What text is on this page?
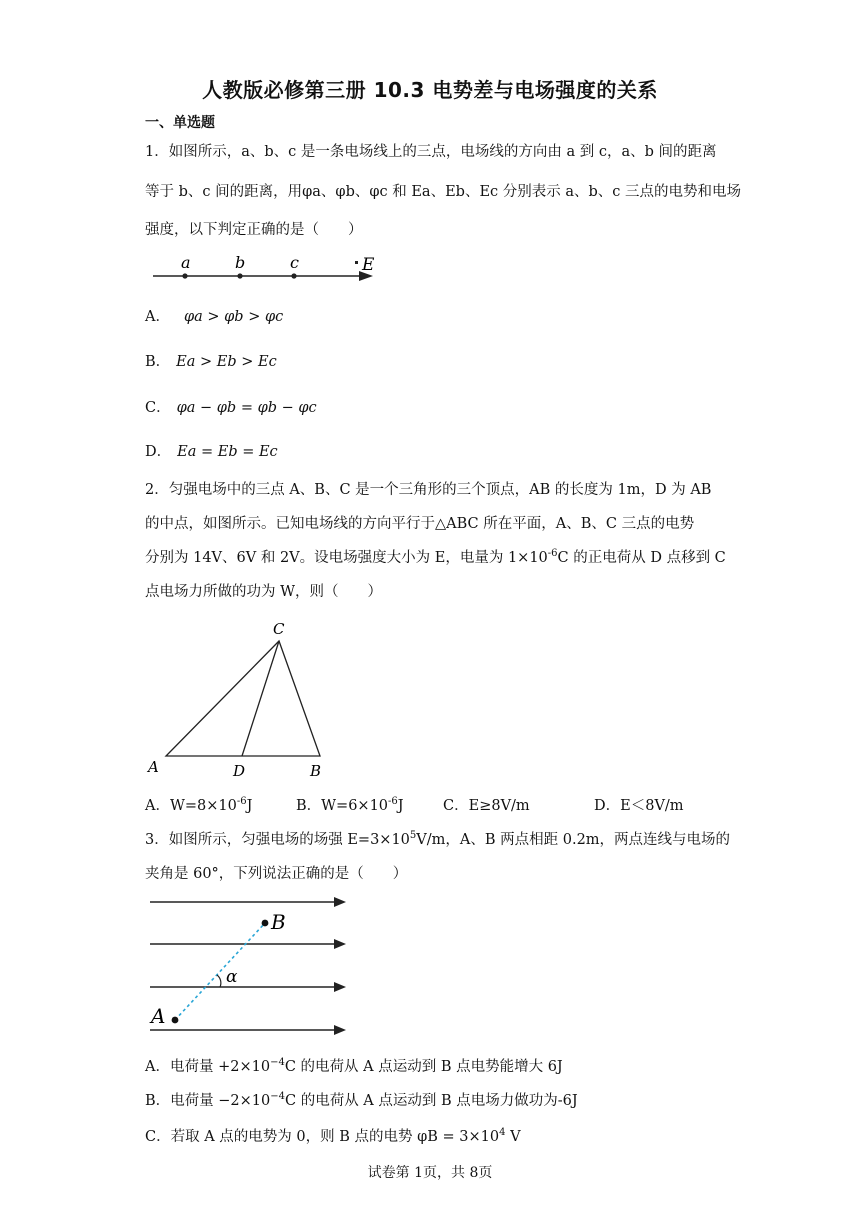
人教版必修第三册 10.3 电势差与电场强度的关系
一、单选题
1．如图所示，a、b、c 是一条电场线上的三点，电场线的方向由 a 到 c，a、b 间的距离
等于 b、c 间的距离，用φa、φb、φc 和 Ea、Eb、Ec 分别表示 a、b、c 三点的电势和电场
强度，以下判定正确的是（　　）
a	b	c	E
A． φa > φb > φc
B． Ea > Eb > Ec
C． φa − φb = φb − φc
D． Ea = Eb = Ec
2．匀强电场中的三点 A、B、C 是一个三角形的三个顶点，AB 的长度为 1m，D 为 AB
的中点，如图所示。已知电场线的方向平行于△ABC 所在平面，A、B、C 三点的电势
分别为 14V、6V 和 2V。设电场强度大小为 E，电量为 $1\times 10^{-6}C$ 的正电荷从 D 点移到 C
点电场力所做的功为 W，则（　　）
C
A	D	B
A．$W=8\times 10^{-6}J$	B．$W=6\times 10^{-6}J$	C．E≥8V/m	D．E＜8V/m
3．如图所示，匀强电场的场强 $E=3\times 10^5V/m$，A、B 两点相距 0.2m，两点连线与电场的
夹角是 60°，下列说法正确的是（　　）
B
α
A
A．电荷量 $+2\times 10^{-4}C$ 的电荷从 A 点运动到 B 点电势能增大 6J
B．电荷量 $-2\times 10^{-4}C$ 的电荷从 A 点运动到 B 点电场力做功为-6J
C．若取 A 点的电势为 0，则 B 点的电势 $\varphi B = 3\times 10^4$ V
试卷第 1页，共 8页
